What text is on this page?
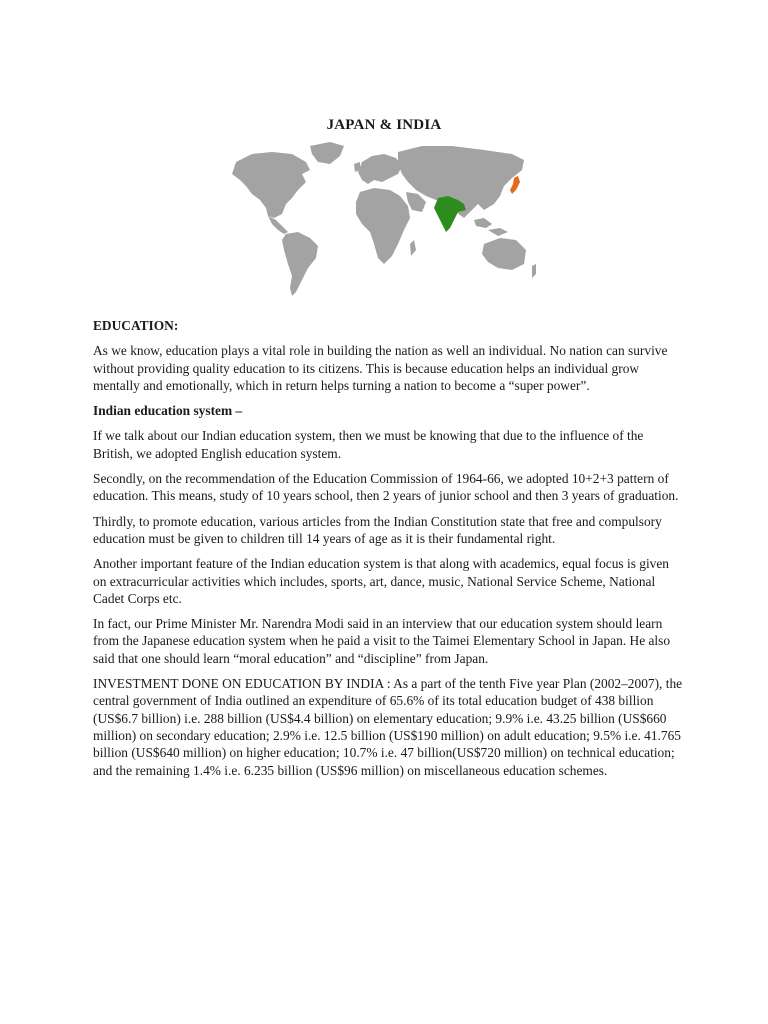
JAPAN & INDIA
EDUCATION:

As we know, education plays a vital role in building the nation as well an individual. No nation can survive without providing quality education to its citizens. This is because education helps an individual grow mentally and emotionally, which in return helps turning a nation to become a “super power”.

Indian education system –

If we talk about our Indian education system, then we must be knowing that due to the influence of the British, we adopted English education system.

Secondly, on the recommendation of the Education Commission of 1964-66, we adopted 10+2+3 pattern of education. This means, study of 10 years school, then 2 years of junior school and then 3 years of graduation.

Thirdly, to promote education, various articles from the Indian Constitution state that free and compulsory education must be given to children till 14 years of age as it is their fundamental right.

Another important feature of the Indian education system is that along with academics, equal focus is given on extracurricular activities which includes, sports, art, dance, music, National Service Scheme, National Cadet Corps etc.

In fact, our Prime Minister Mr. Narendra Modi said in an interview that our education system should learn from the Japanese education system when he paid a visit to the Taimei Elementary School in Japan. He also said that one should learn “moral education” and “discipline” from Japan.

INVESTMENT DONE ON EDUCATION BY INDIA : As a part of the tenth Five year Plan (2002–2007), the central government of India outlined an expenditure of 65.6% of its total education budget of 438 billion (US$6.7 billion) i.e. 288 billion (US$4.4 billion) on elementary education; 9.9% i.e. 43.25 billion (US$660 million) on secondary education; 2.9% i.e. 12.5 billion (US$190 million) on adult education; 9.5% i.e. 41.765 billion (US$640 million) on higher education; 10.7% i.e. 47 billion(US$720 million) on technical education; and the remaining 1.4% i.e. 6.235 billion (US$96 million) on miscellaneous education schemes.
